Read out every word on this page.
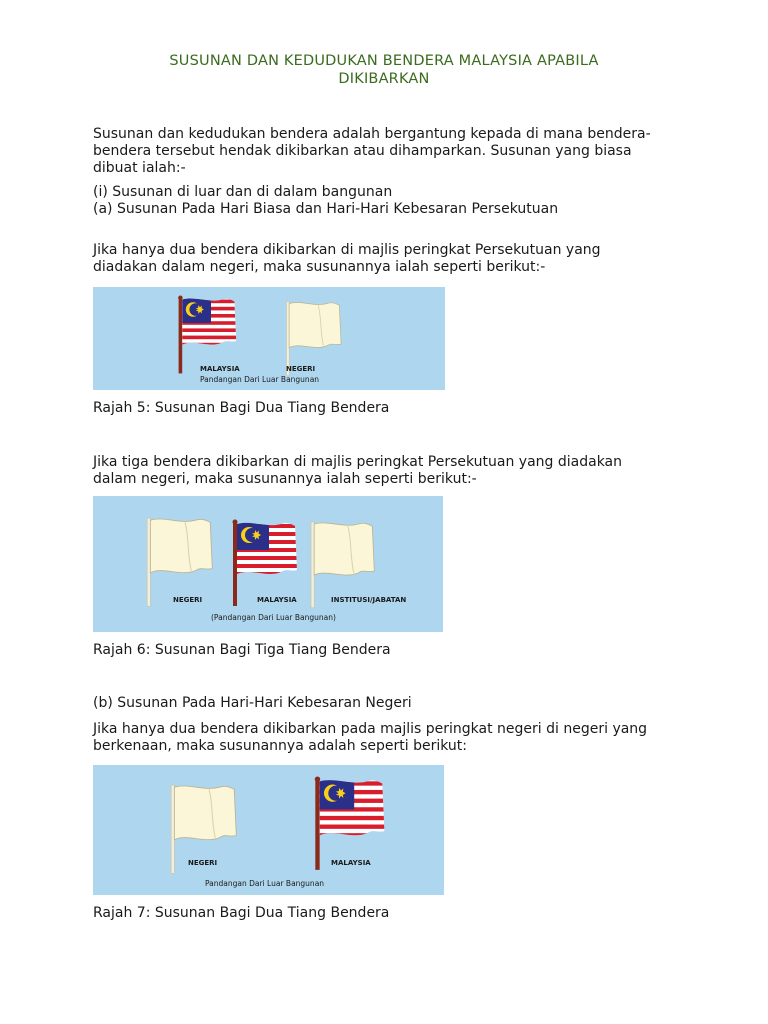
SUSUNAN DAN KEDUDUKAN BENDERA MALAYSIA APABILA
DIKIBARKAN
Susunan dan kedudukan bendera adalah bergantung kepada di mana bendera-
bendera tersebut hendak dikibarkan atau dihamparkan. Susunan yang biasa
dibuat ialah:-
(i) Susunan di luar dan di dalam bangunan
(a) Susunan Pada Hari Biasa dan Hari-Hari Kebesaran Persekutuan
Jika hanya dua bendera dikibarkan di majlis peringkat Persekutuan yang
diadakan dalam negeri, maka susunannya ialah seperti berikut:-
MALAYSIA	NEGERI
Pandangan Dari Luar Bangunan
Rajah 5: Susunan Bagi Dua Tiang Bendera
Jika tiga bendera dikibarkan di majlis peringkat Persekutuan yang diadakan
dalam negeri, maka susunannya ialah seperti berikut:-
NEGERI	MALAYSIA	INSTITUSI/JABATAN
(Pandangan Dari Luar Bangunan)
Rajah 6: Susunan Bagi Tiga Tiang Bendera
(b) Susunan Pada Hari-Hari Kebesaran Negeri
Jika hanya dua bendera dikibarkan pada majlis peringkat negeri di negeri yang
berkenaan, maka susunannya adalah seperti berikut:
NEGERI	MALAYSIA
Pandangan Dari Luar Bangunan
Rajah 7: Susunan Bagi Dua Tiang Bendera
